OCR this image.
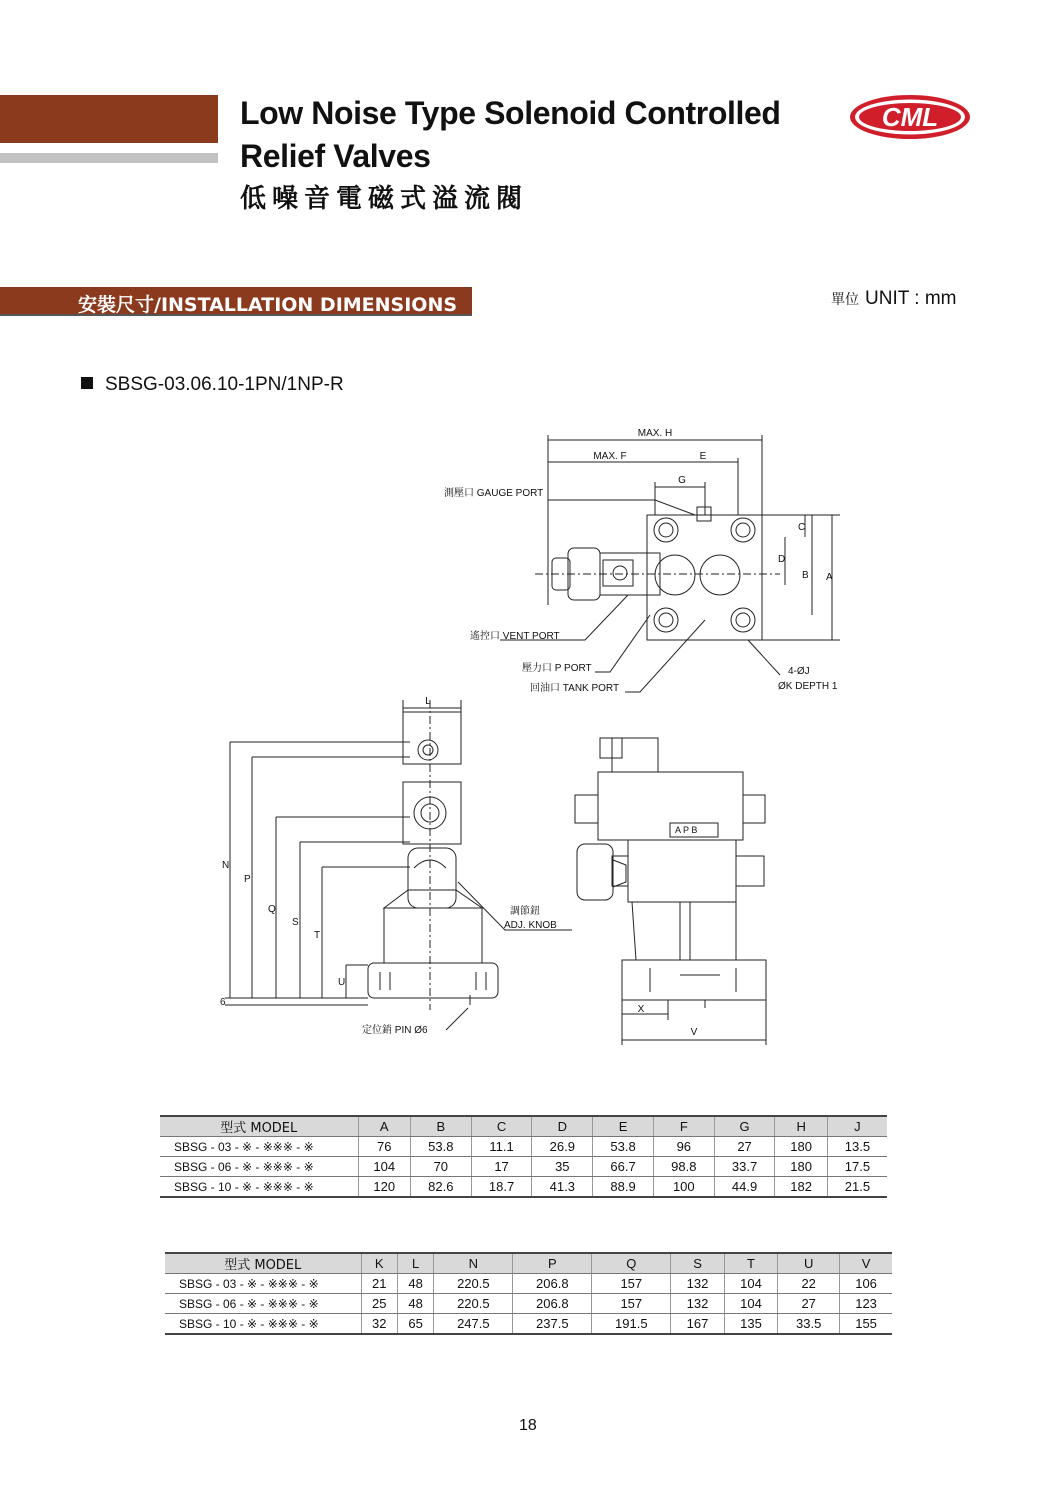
Low Noise Type Solenoid Controlled
Relief Valves
低噪音電磁式溢流閥
CML
安裝尺寸/INSTALLATION DIMENSIONS	單位 UNIT : mm
SBSG-03.06.10-1PN/1NP-R
MAX. H
MAX. F	E
G
測壓口 GAUGE PORT
遙控口 VENT PORT
壓力口 P PORT
回油口 TANK PORT
4-ØJ
ØK DEPTH 1
A
B
C
D
L
N
P
Q
S
T
U
6
調節鈕
ADJ. KNOB
定位銷 PIN Ø6
A P B
X
V
型式 MODEL	A	B	C	D	E	F	G	H	J
SBSG - 03 - ※ - ※※※ - ※	76	53.8	11.1	26.9	53.8	96	27	180	13.5
SBSG - 06 - ※ - ※※※ - ※	104	70	17	35	66.7	98.8	33.7	180	17.5
SBSG - 10 - ※ - ※※※ - ※	120	82.6	18.7	41.3	88.9	100	44.9	182	21.5
型式 MODEL	K	L	N	P	Q	S	T	U	V
SBSG - 03 - ※ - ※※※ - ※	21	48	220.5	206.8	157	132	104	22	106
SBSG - 06 - ※ - ※※※ - ※	25	48	220.5	206.8	157	132	104	27	123
SBSG - 10 - ※ - ※※※ - ※	32	65	247.5	237.5	191.5	167	135	33.5	155
18
